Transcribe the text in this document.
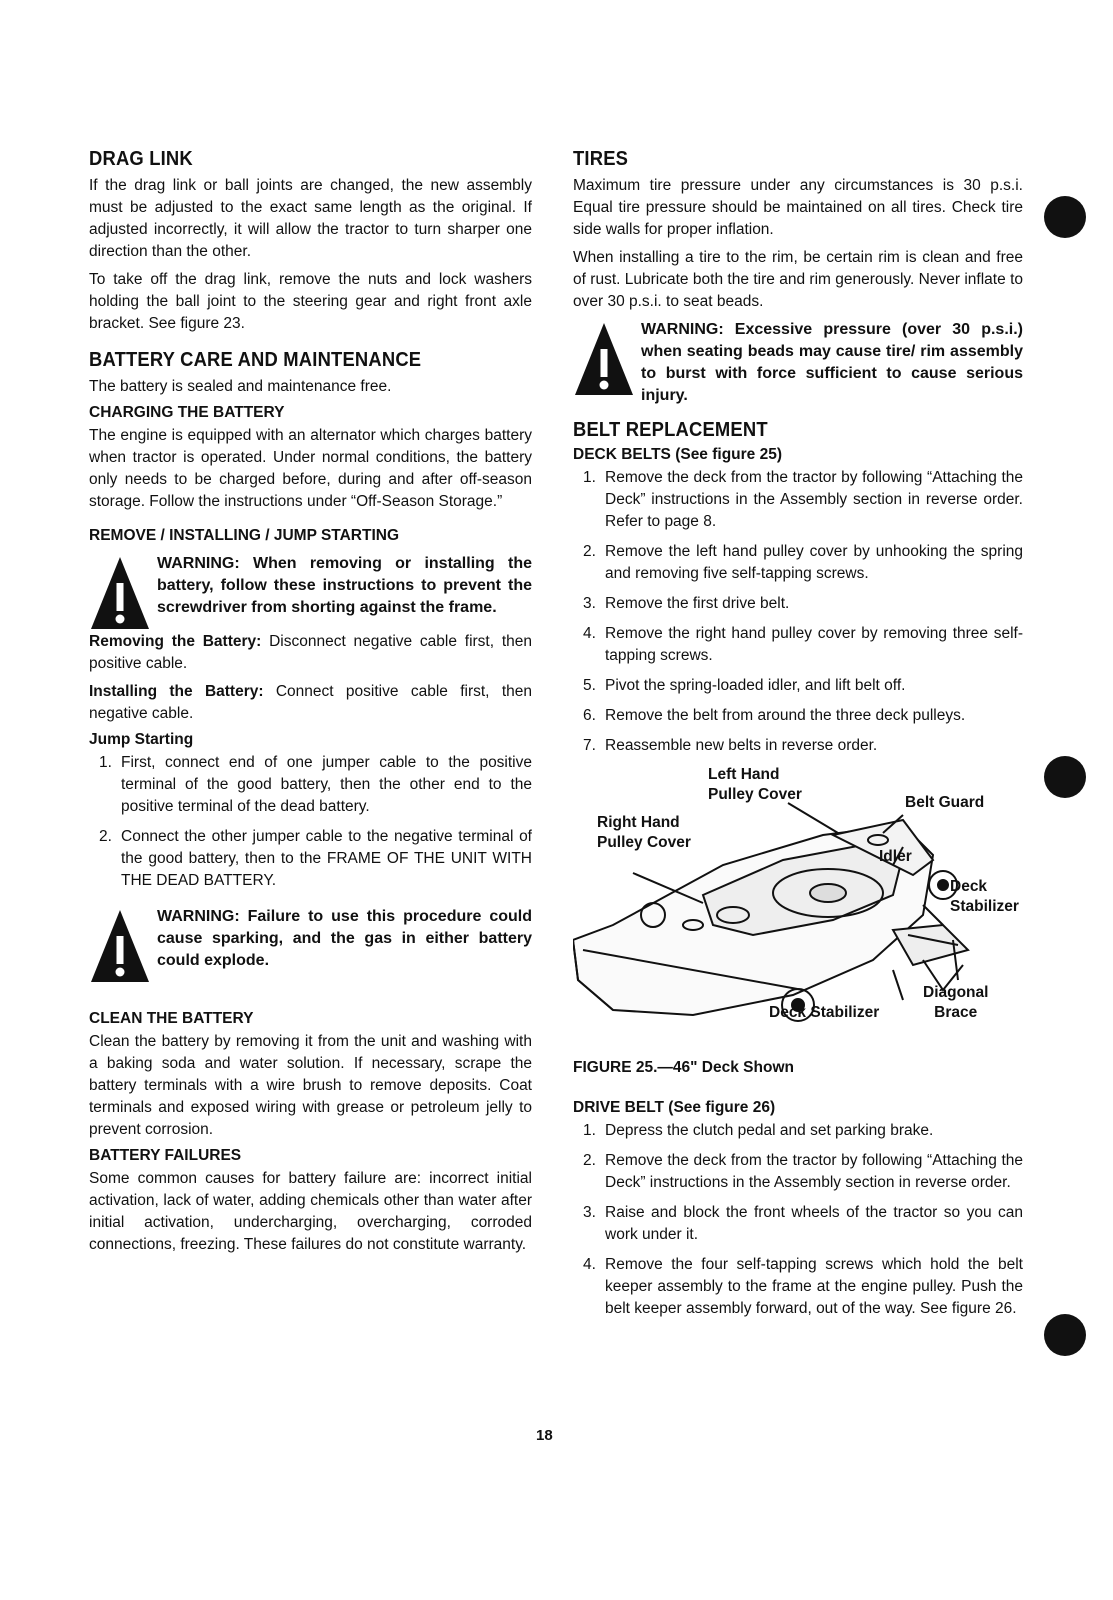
DRAG LINK

If the drag link or ball joints are changed, the new assembly must be adjusted to the exact same length as the original. If adjusted incorrectly, it will allow the tractor to turn sharper one direction than the other.

To take off the drag link, remove the nuts and lock washers holding the ball joint to the steering gear and right front axle bracket. See figure 23.

BATTERY CARE AND MAINTENANCE

The battery is sealed and maintenance free.

CHARGING THE BATTERY

The engine is equipped with an alternator which charges battery when tractor is operated. Under normal conditions, the battery only needs to be charged before, during and after off-season storage. Follow the instructions under “Off-Season Storage.”

REMOVE / INSTALLING / JUMP STARTING

WARNING: When removing or installing the battery, follow these instructions to prevent the screwdriver from shorting against the frame.

Removing the Battery: Disconnect negative cable first, then positive cable.

Installing the Battery: Connect positive cable first, then negative cable.

Jump Starting
1. First, connect end of one jumper cable to the positive terminal of the good battery, then the other end to the positive terminal of the dead battery.
2. Connect the other jumper cable to the negative terminal of the good battery, then to the FRAME OF THE UNIT WITH THE DEAD BATTERY.

WARNING: Failure to use this procedure could cause sparking, and the gas in either battery could explode.

CLEAN THE BATTERY

Clean the battery by removing it from the unit and washing with a baking soda and water solution. If necessary, scrape the battery terminals with a wire brush to remove deposits. Coat terminals and exposed wiring with grease or petroleum jelly to prevent corrosion.

BATTERY FAILURES

Some common causes for battery failure are: incorrect initial activation, lack of water, adding chemicals other than water after initial activation, undercharging, overcharging, corroded connections, freezing. These failures do not constitute warranty.

TIRES

Maximum tire pressure under any circumstances is 30 p.s.i. Equal tire pressure should be maintained on all tires. Check tire side walls for proper inflation.

When installing a tire to the rim, be certain rim is clean and free of rust. Lubricate both the tire and rim generously. Never inflate to over 30 p.s.i. to seat beads.

WARNING: Excessive pressure (over 30 p.s.i.) when seating beads may cause tire/ rim assembly to burst with force sufficient to cause serious injury.

BELT REPLACEMENT
DECK BELTS (See figure 25)
1. Remove the deck from the tractor by following “Attaching the Deck” instructions in the Assembly section in reverse order. Refer to page 8.
2. Remove the left hand pulley cover by unhooking the spring and removing five self-tapping screws.
3. Remove the first drive belt.
4. Remove the right hand pulley cover by removing three self-tapping screws.
5. Pivot the spring-loaded idler, and lift belt off.
6. Remove the belt from around the three deck pulleys.
7. Reassemble new belts in reverse order.
Left Hand
Pulley Cover	Belt Guard
Right Hand
Pulley Cover
Idler
Deck
Stabilizer
Diagonal
Brace
Deck Stabilizer
FIGURE 25.—46" Deck Shown
DRIVE BELT (See figure 26)
1. Depress the clutch pedal and set parking brake.
2. Remove the deck from the tractor by following “Attaching the Deck” instructions in the Assembly section in reverse order.
3. Raise and block the front wheels of the tractor so you can work under it.
4. Remove the four self-tapping screws which hold the belt keeper assembly to the frame at the engine pulley. Push the belt keeper assembly forward, out of the way. See figure 26.
18
